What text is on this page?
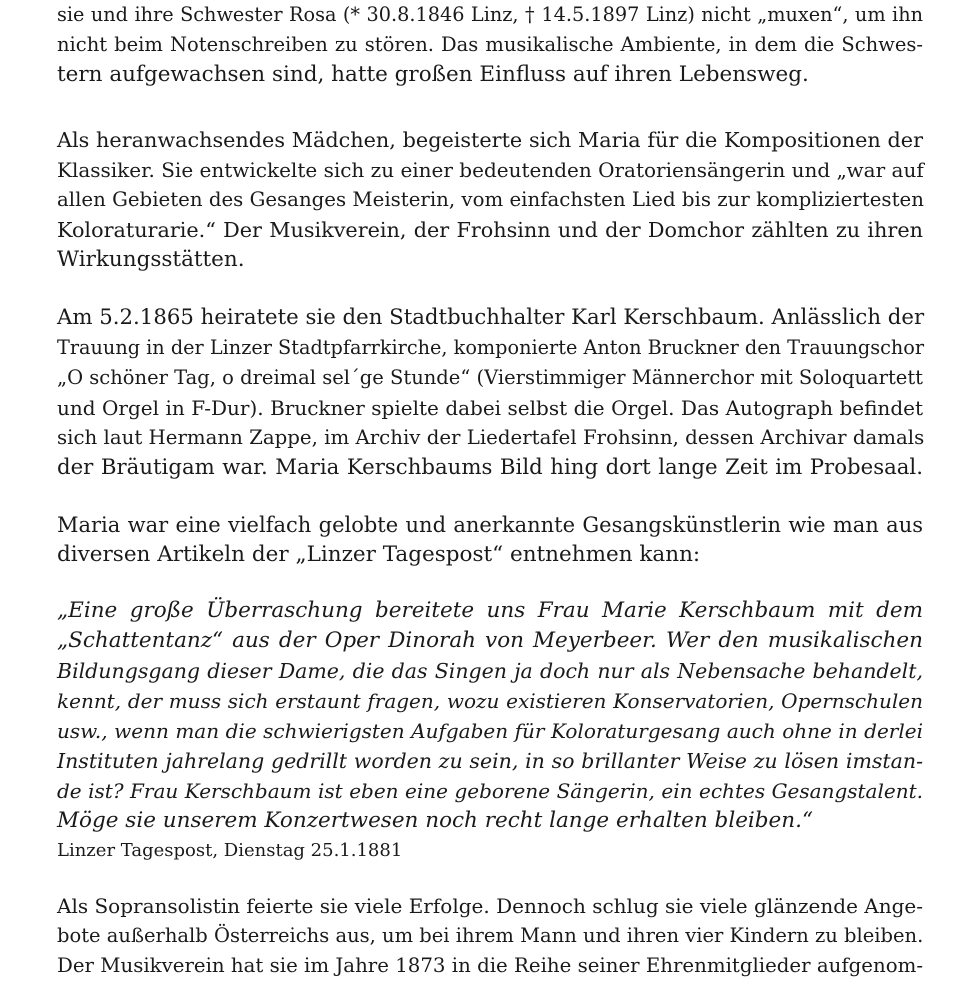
sie und ihre Schwester Rosa (* 30.8.1846 Linz, † 14.5.1897 Linz) nicht „muxen“, um ihn
nicht beim Notenschreiben zu stören. Das musikalische Ambiente, in dem die Schwes-
tern aufgewachsen sind, hatte großen Einfluss auf ihren Lebensweg.
Als heranwachsendes Mädchen, begeisterte sich Maria für die Kompositionen der
Klassiker. Sie entwickelte sich zu einer bedeutenden Oratoriensängerin und „war auf
allen Gebieten des Gesanges Meisterin, vom einfachsten Lied bis zur kompliziertesten
Koloraturarie.“ Der Musikverein, der Frohsinn und der Domchor zählten zu ihren
Wirkungsstätten.
Am 5.2.1865 heiratete sie den Stadtbuchhalter Karl Kerschbaum. Anlässlich der
Trauung in der Linzer Stadtpfarrkirche, komponierte Anton Bruckner den Trauungschor
„O schöner Tag, o dreimal sel´ge Stunde“ (Vierstimmiger Männerchor mit Soloquartett
und Orgel in F-Dur). Bruckner spielte dabei selbst die Orgel. Das Autograph befindet
sich laut Hermann Zappe, im Archiv der Liedertafel Frohsinn, dessen Archivar damals
der Bräutigam war. Maria Kerschbaums Bild hing dort lange Zeit im Probesaal.
Maria war eine vielfach gelobte und anerkannte Gesangskünstlerin wie man aus
diversen Artikeln der „Linzer Tagespost“ entnehmen kann:
„Eine große Überraschung bereitete uns Frau Marie Kerschbaum mit dem
„Schattentanz“ aus der Oper Dinorah von Meyerbeer. Wer den musikalischen
Bildungsgang dieser Dame, die das Singen ja doch nur als Nebensache behandelt,
kennt, der muss sich erstaunt fragen, wozu existieren Konservatorien, Opernschulen
usw., wenn man die schwierigsten Aufgaben für Koloraturgesang auch ohne in derlei
Instituten jahrelang gedrillt worden zu sein, in so brillanter Weise zu lösen imstan-
de ist? Frau Kerschbaum ist eben eine geborene Sängerin, ein echtes Gesangstalent.
Möge sie unserem Konzertwesen noch recht lange erhalten bleiben.“
Linzer Tagespost, Dienstag 25.1.1881
Als Sopransolistin feierte sie viele Erfolge. Dennoch schlug sie viele glänzende Ange-
bote außerhalb Österreichs aus, um bei ihrem Mann und ihren vier Kindern zu bleiben.
Der Musikverein hat sie im Jahre 1873 in die Reihe seiner Ehrenmitglieder aufgenom-
